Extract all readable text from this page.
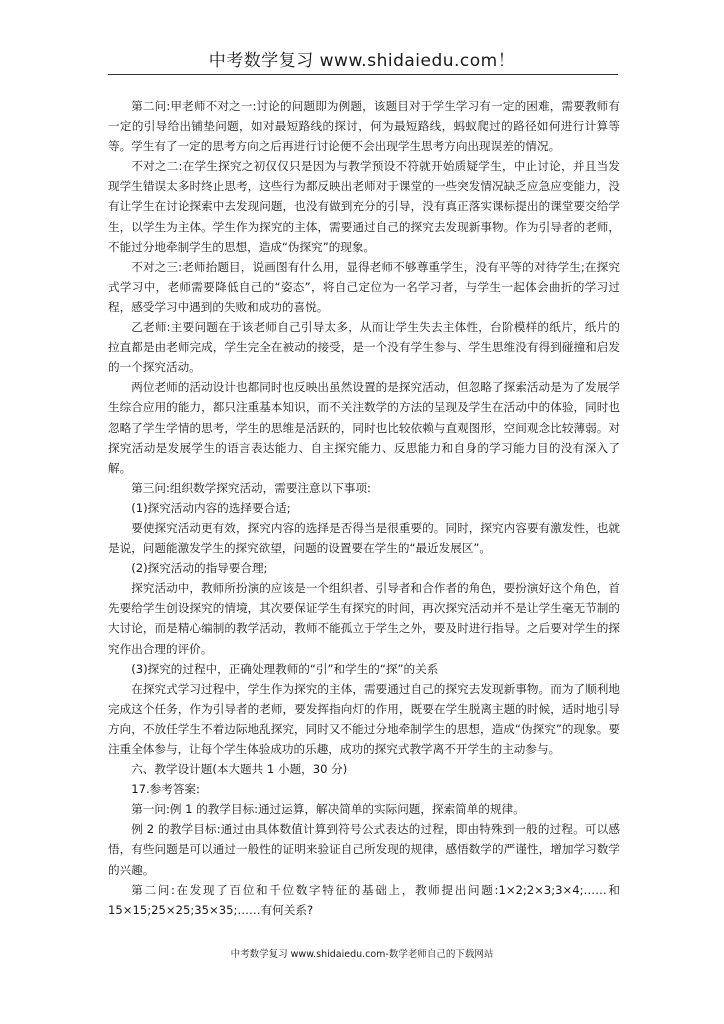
中考数学复习 www.shidaiedu.com！

第二问:甲老师不对之一:讨论的问题即为例题，该题目对于学生学习有一定的困难，需要教师有一定的引导给出铺垫问题，如对最短路线的探讨，何为最短路线，蚂蚁爬过的路径如何进行计算等等。学生有了一定的思考方向之后再进行讨论便不会出现学生思考方向出现误差的情况。

不对之二:在学生探究之初仅仅只是因为与教学预设不符就开始质疑学生，中止讨论，并且当发现学生错误太多时终止思考，这些行为都反映出老师对于课堂的一些突发情况缺乏应急应变能力，没有让学生在讨论探索中去发现问题，也没有做到充分的引导，没有真正落实课标提出的课堂要交给学生，以学生为主体。学生作为探究的主体，需要通过自己的探究去发现新事物。作为引导者的老师，不能过分地牵制学生的思想，造成“伪探究”的现象。

不对之三:老师抬题目，说画图有什么用，显得老师不够尊重学生，没有平等的对待学生;在探究式学习中，老师需要降低自己的“姿态”，将自己定位为一名学习者，与学生一起体会曲折的学习过程，感受学习中遇到的失败和成功的喜悦。

乙老师:主要问题在于该老师自己引导太多，从而让学生失去主体性，台阶模样的纸片，纸片的拉直都是由老师完成，学生完全在被动的接受，是一个没有学生参与、学生思维没有得到碰撞和启发的一个探究活动。

两位老师的活动设计也都同时也反映出虽然设置的是探究活动，但忽略了探索活动是为了发展学生综合应用的能力，都只注重基本知识，而不关注数学的方法的呈现及学生在活动中的体验，同时也忽略了学生学情的思考，学生的思维是活跃的，同时也比较依赖与直观图形，空间观念比较薄弱。对探究活动是发展学生的语言表达能力、自主探究能力、反思能力和自身的学习能力目的没有深入了解。

第三问:组织数学探究活动，需要注意以下事项:

(1)探究活动内容的选择要合适;

要使探究活动更有效，探究内容的选择是否得当是很重要的。同时，探究内容要有激发性，也就是说，问题能激发学生的探究欲望，问题的设置要在学生的“最近发展区”。

(2)探究活动的指导要合理;

探究活动中，教师所扮演的应该是一个组织者、引导者和合作者的角色，要扮演好这个角色，首先要给学生创设探究的情境，其次要保证学生有探究的时间，再次探究活动并不是让学生毫无节制的大讨论，而是精心编制的教学活动，教师不能孤立于学生之外，要及时进行指导。之后要对学生的探究作出合理的评价。

(3)探究的过程中，正确处理教师的“引”和学生的“探”的关系

在探究式学习过程中，学生作为探究的主体，需要通过自己的探究去发现新事物。而为了顺利地完成这个任务，作为引导者的老师，要发挥指向灯的作用，既要在学生脱离主题的时候，适时地引导方向，不放任学生不着边际地乱探究，同时又不能过分地牵制学生的思想，造成“伪探究”的现象。要注重全体参与，让每个学生体验成功的乐趣，成功的探究式教学离不开学生的主动参与。

六、教学设计题(本大题共 1 小题，30 分)

17.参考答案:

第一问:例 1 的教学目标:通过运算，解决简单的实际问题，探索简单的规律。

例 2 的教学目标:通过由具体数值计算到符号公式表达的过程，即由特殊到一般的过程。可以感悟，有些问题是可以通过一般性的证明来验证自己所发现的规律，感悟数学的严谨性，增加学习数学的兴趣。

第二问:在发现了百位和千位数字特征的基础上，教师提出问题:1×2;2×3;3×4;……和 15×15;25×25;35×35;……有何关系?

中考数学复习 www.shidaiedu.com-数学老师自己的下载网站
